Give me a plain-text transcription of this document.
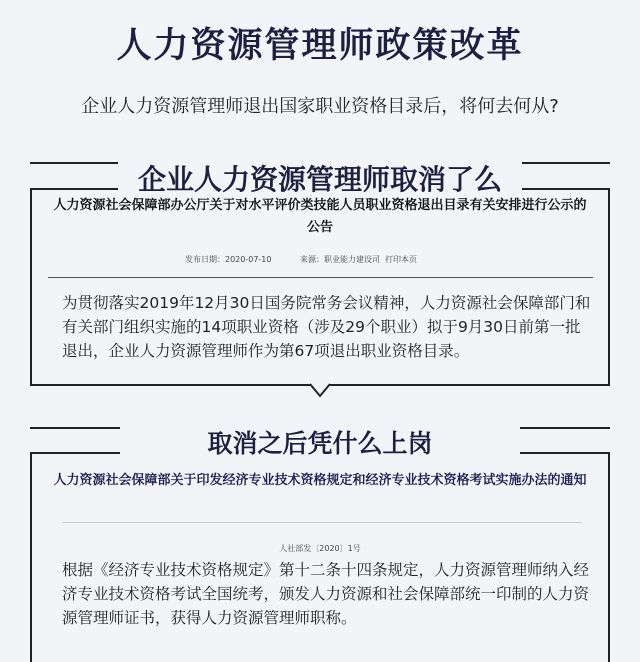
人力资源管理师政策改革
企业人力资源管理师退出国家职业资格目录后，将何去何从?
企业人力资源管理师取消了么
人力资源社会保障部办公厅关于对水平评价类技能人员职业资格退出目录有关安排进行公示的公告
发布日期：2020-07-10	来源：职业能力建设司 打印本页
为贯彻落实2019年12月30日国务院常务会议精神，人力资源社会保障部门和有关部门组织实施的14项职业资格（涉及29个职业）拟于9月30日前第一批退出，企业人力资源管理师作为第67项退出职业资格目录。
取消之后凭什么上岗
人力资源社会保障部关于印发经济专业技术资格规定和经济专业技术资格考试实施办法的通知
人社部发〔2020〕1号
根据《经济专业技术资格规定》第十二条十四条规定，人力资源管理师纳入经济专业技术资格考试全国统考，颁发人力资源和社会保障部统一印制的人力资源管理师证书，获得人力资源管理师职称。
